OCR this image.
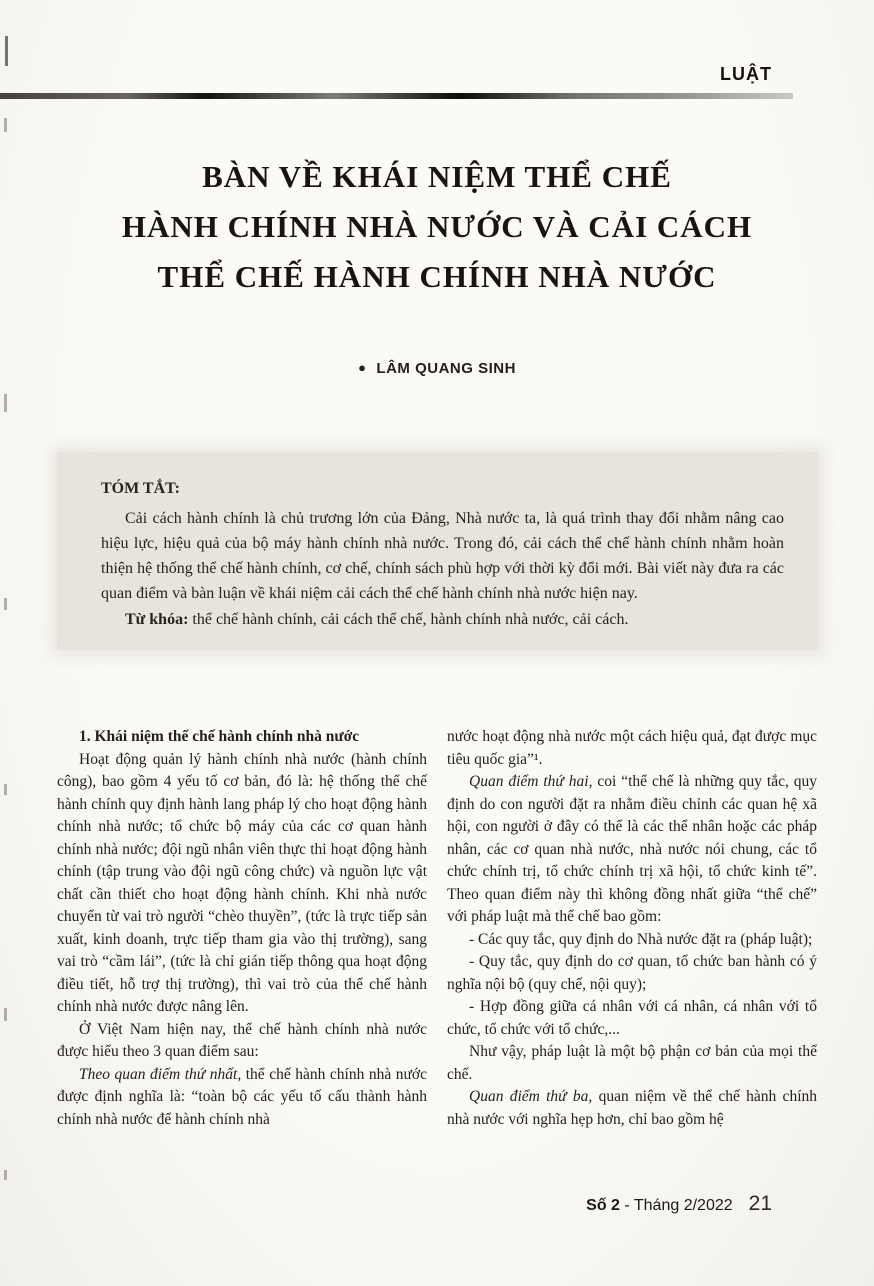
LUẬT
BÀN VỀ KHÁI NIỆM THỂ CHẾ
HÀNH CHÍNH NHÀ NƯỚC VÀ CẢI CÁCH
THỂ CHẾ HÀNH CHÍNH NHÀ NƯỚC
● LÂM QUANG SINH
TÓM TẮT:

Cải cách hành chính là chủ trương lớn của Đảng, Nhà nước ta, là quá trình thay đổi nhằm nâng cao hiệu lực, hiệu quả của bộ máy hành chính nhà nước. Trong đó, cải cách thể chế hành chính nhằm hoàn thiện hệ thống thể chế hành chính, cơ chế, chính sách phù hợp với thời kỳ đổi mới. Bài viết này đưa ra các quan điểm và bàn luận về khái niệm cải cách thể chế hành chính nhà nước hiện nay.

Từ khóa: thể chế hành chính, cải cách thể chế, hành chính nhà nước, cải cách.

1. Khái niệm thể chế hành chính nhà nước

Hoạt động quản lý hành chính nhà nước (hành chính công), bao gồm 4 yếu tố cơ bản, đó là: hệ thống thể chế hành chính quy định hành lang pháp lý cho hoạt động hành chính nhà nước; tổ chức bộ máy của các cơ quan hành chính nhà nước; đội ngũ nhân viên thực thi hoạt động hành chính (tập trung vào đội ngũ công chức) và nguồn lực vật chất cần thiết cho hoạt động hành chính. Khi nhà nước chuyển từ vai trò người “chèo thuyền”, (tức là trực tiếp sản xuất, kinh doanh, trực tiếp tham gia vào thị trường), sang vai trò “cầm lái”, (tức là chỉ gián tiếp thông qua hoạt động điều tiết, hỗ trợ thị trường), thì vai trò của thể chế hành chính nhà nước được nâng lên.

Ở Việt Nam hiện nay, thể chế hành chính nhà nước được hiểu theo 3 quan điểm sau:

Theo quan điểm thứ nhất, thể chế hành chính nhà nước được định nghĩa là: “toàn bộ các yếu tố cấu thành hành chính nhà nước để hành chính nhà

nước hoạt động nhà nước một cách hiệu quả, đạt được mục tiêu quốc gia”¹.

Quan điểm thứ hai, coi “thể chế là những quy tắc, quy định do con người đặt ra nhằm điều chỉnh các quan hệ xã hội, con người ở đây có thể là các thể nhân hoặc các pháp nhân, các cơ quan nhà nước, nhà nước nói chung, các tổ chức chính trị, tổ chức chính trị xã hội, tổ chức kinh tế”. Theo quan điểm này thì không đồng nhất giữa “thể chế” với pháp luật mà thể chế bao gồm:

- Các quy tắc, quy định do Nhà nước đặt ra (pháp luật);

- Quy tắc, quy định do cơ quan, tổ chức ban hành có ý nghĩa nội bộ (quy chế, nội quy);

- Hợp đồng giữa cá nhân với cá nhân, cá nhân với tổ chức, tổ chức với tổ chức,...

Như vậy, pháp luật là một bộ phận cơ bản của mọi thể chế.

Quan điểm thứ ba, quan niệm về thể chế hành chính nhà nước với nghĩa hẹp hơn, chỉ bao gồm hệ

Số 2 - Tháng 2/2022 21
